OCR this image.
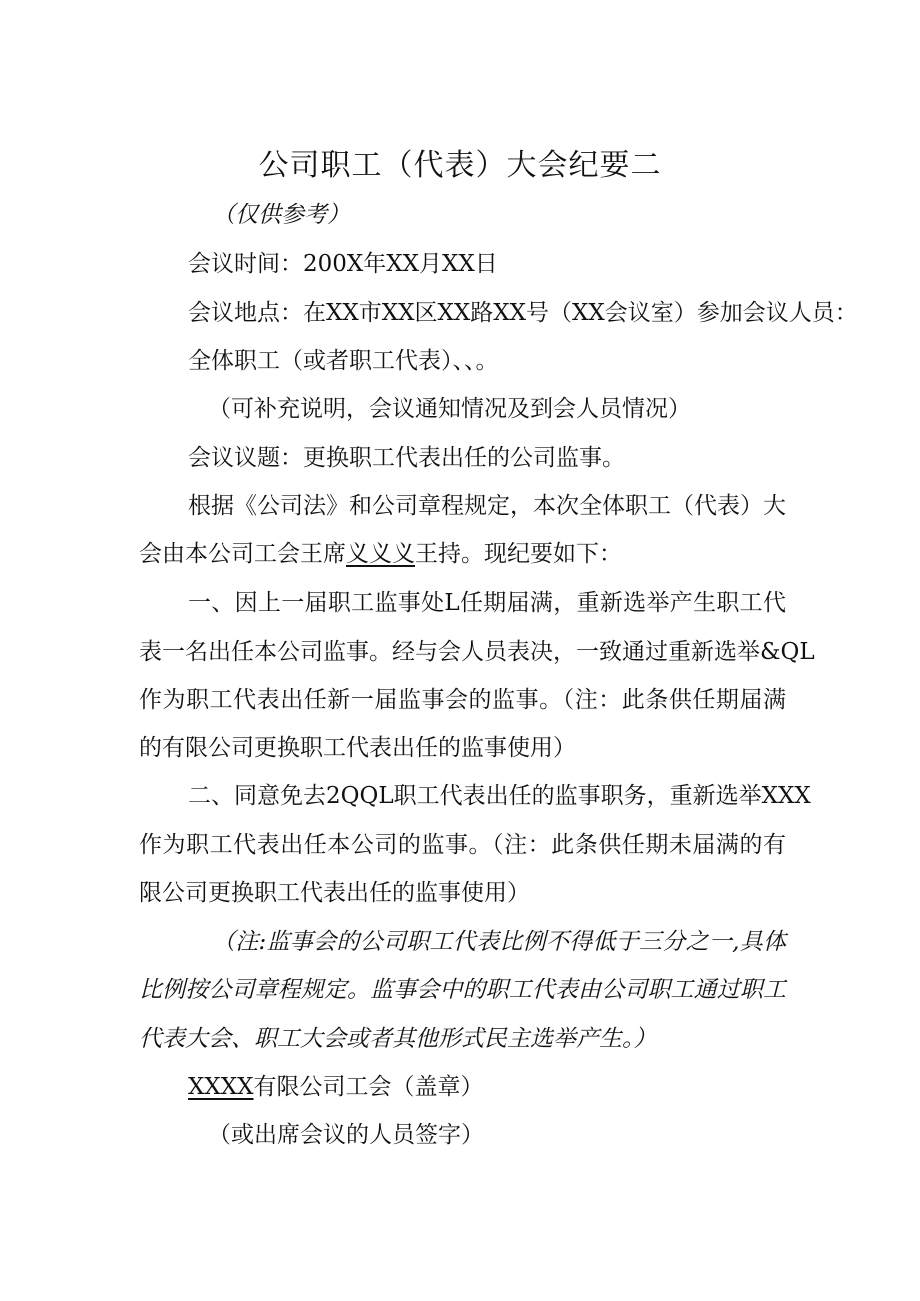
公司职工（代表）大会纪要二
（仅供参考）
会议时间：200X年XX月XX日
会议地点：在XX市XX区XX路XX号（XX会议室）参加会议人员：
全体职工（或者职工代表）、、。
（可补充说明，会议通知情况及到会人员情况）
会议议题：更换职工代表出任的公司监事。
根据《公司法》和公司章程规定，本次全体职工（代表）大
会由本公司工会王席义义义王持。现纪要如下：
一、因上一届职工监事处L任期届满，重新选举产生职工代
表一名出任本公司监事。经与会人员表决，一致通过重新选举&QL
作为职工代表出任新一届监事会的监事。（注：此条供任期届满
的有限公司更换职工代表出任的监事使用）
二、同意免去2QQL职工代表出任的监事职务，重新选举XXX
作为职工代表出任本公司的监事。（注：此条供任期未届满的有
限公司更换职工代表出任的监事使用）
（注:监事会的公司职工代表比例不得低于三分之一,具体
比例按公司章程规定。监事会中的职工代表由公司职工通过职工
代表大会、职工大会或者其他形式民主选举产生。）
XXXX有限公司工会（盖章）
（或出席会议的人员签字）
